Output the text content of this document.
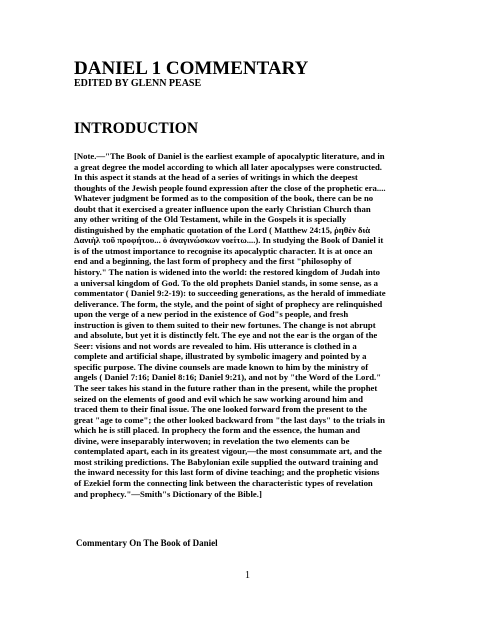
DANIEL 1 COMMENTARY
EDITED BY GLENN PEASE
INTRODUCTION
[Note.—"The Book of Daniel is the earliest example of apocalyptic literature, and in
a great degree the model according to which all later apocalypses were constructed.
In this aspect it stands at the head of a series of writings in which the deepest
thoughts of the Jewish people found expression after the close of the prophetic era....
Whatever judgment be formed as to the composition of the book, there can be no
doubt that it exercised a greater influence upon the early Christian Church than
any other writing of the Old Testament, while in the Gospels it is specially
distinguished by the emphatic quotation of the Lord ( Matthew 24:15, ῥηθὲν διὰ
Δανιὴλ τοῦ προφήτου... ὁ ἀναγινώσκων νοείτω....). In studying the Book of Daniel it
is of the utmost importance to recognise its apocalyptic character. It is at once an
end and a beginning, the last form of prophecy and the first "philosophy of
history." The nation is widened into the world: the restored kingdom of Judah into
a universal kingdom of God. To the old prophets Daniel stands, in some sense, as a
commentator ( Daniel 9:2-19): to succeeding generations, as the herald of immediate
deliverance. The form, the style, and the point of sight of prophecy are relinquished
upon the verge of a new period in the existence of God"s people, and fresh
instruction is given to them suited to their new fortunes. The change is not abrupt
and absolute, but yet it is distinctly felt. The eye and not the ear is the organ of the
Seer: visions and not words are revealed to him. His utterance is clothed in a
complete and artificial shape, illustrated by symbolic imagery and pointed by a
specific purpose. The divine counsels are made known to him by the ministry of
angels ( Daniel 7:16; Daniel 8:16; Daniel 9:21), and not by "the Word of the Lord."
The seer takes his stand in the future rather than in the present, while the prophet
seized on the elements of good and evil which he saw working around him and
traced them to their final issue. The one looked forward from the present to the
great "age to come"; the other looked backward from "the last days" to the trials in
which he is still placed. In prophecy the form and the essence, the human and
divine, were inseparably interwoven; in revelation the two elements can be
contemplated apart, each in its greatest vigour,—the most consummate art, and the
most striking predictions. The Babylonian exile supplied the outward training and
the inward necessity for this last form of divine teaching; and the prophetic visions
of Ezekiel form the connecting link between the characteristic types of revelation
and prophecy."—Smith"s Dictionary of the Bible.]
Commentary On The Book of Daniel
1
